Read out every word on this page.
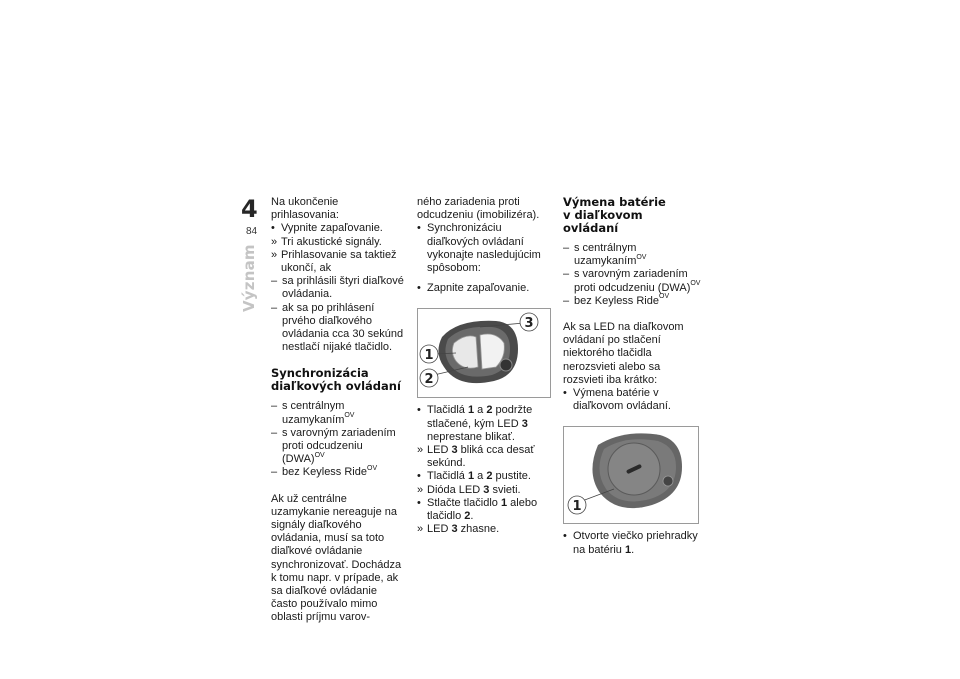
4
84
Význam

Na ukončenie prihlasovania:

• Vypnite zapaľovanie.

» Tri akustické signály.

» Prihlasovanie sa taktiež ukončí, ak

– sa prihlásili štyri diaľkové ovládania.

– ak sa po prihlásení prvého diaľkového ovládania cca 30 sekúnd nestlačí nijaké tlačidlo.

Synchronizácia
diaľkových ovládaní

– s centrálnym uzamykaním$^{OV}$

– s varovným zariadením proti odcudzeniu (DWA)$^{OV}$

– bez Keyless Ride$^{OV}$

Ak už centrálne uzamykanie nereaguje na signály diaľkového ovládania, musí sa toto diaľkové ovládanie synchronizovať. Dochádza k tomu napr. v prípade, ak sa diaľkové ovládanie často používalo mimo oblasti príjmu varov-

ného zariadenia proti odcudzeniu (imobilizéra).

• Synchronizáciu diaľkových ovládaní vykonajte nasledujúcim spôsobom:

• Zapnite zapaľovanie.

3
1
2

• Tlačidlá 1 a 2 podržte stlačené, kým LED 3 neprestane blikať.

» LED 3 bliká cca desať sekúnd.

• Tlačidlá 1 a 2 pustite.

» Dióda LED 3 svieti.

• Stlačte tlačidlo 1 alebo tlačidlo 2.

» LED 3 zhasne.

Výmena batérie
v diaľkovom ovládaní

– s centrálnym uzamykaním$^{OV}$

– s varovným zariadením proti odcudzeniu (DWA)$^{OV}$

– bez Keyless Ride$^{OV}$

Ak sa LED na diaľkovom ovládaní po stlačení niektorého tlačidla nerozsvieti alebo sa rozsvieti iba krátko:

• Výmena batérie v diaľkovom ovládaní.

1

• Otvorte viečko priehradky na batériu 1.
